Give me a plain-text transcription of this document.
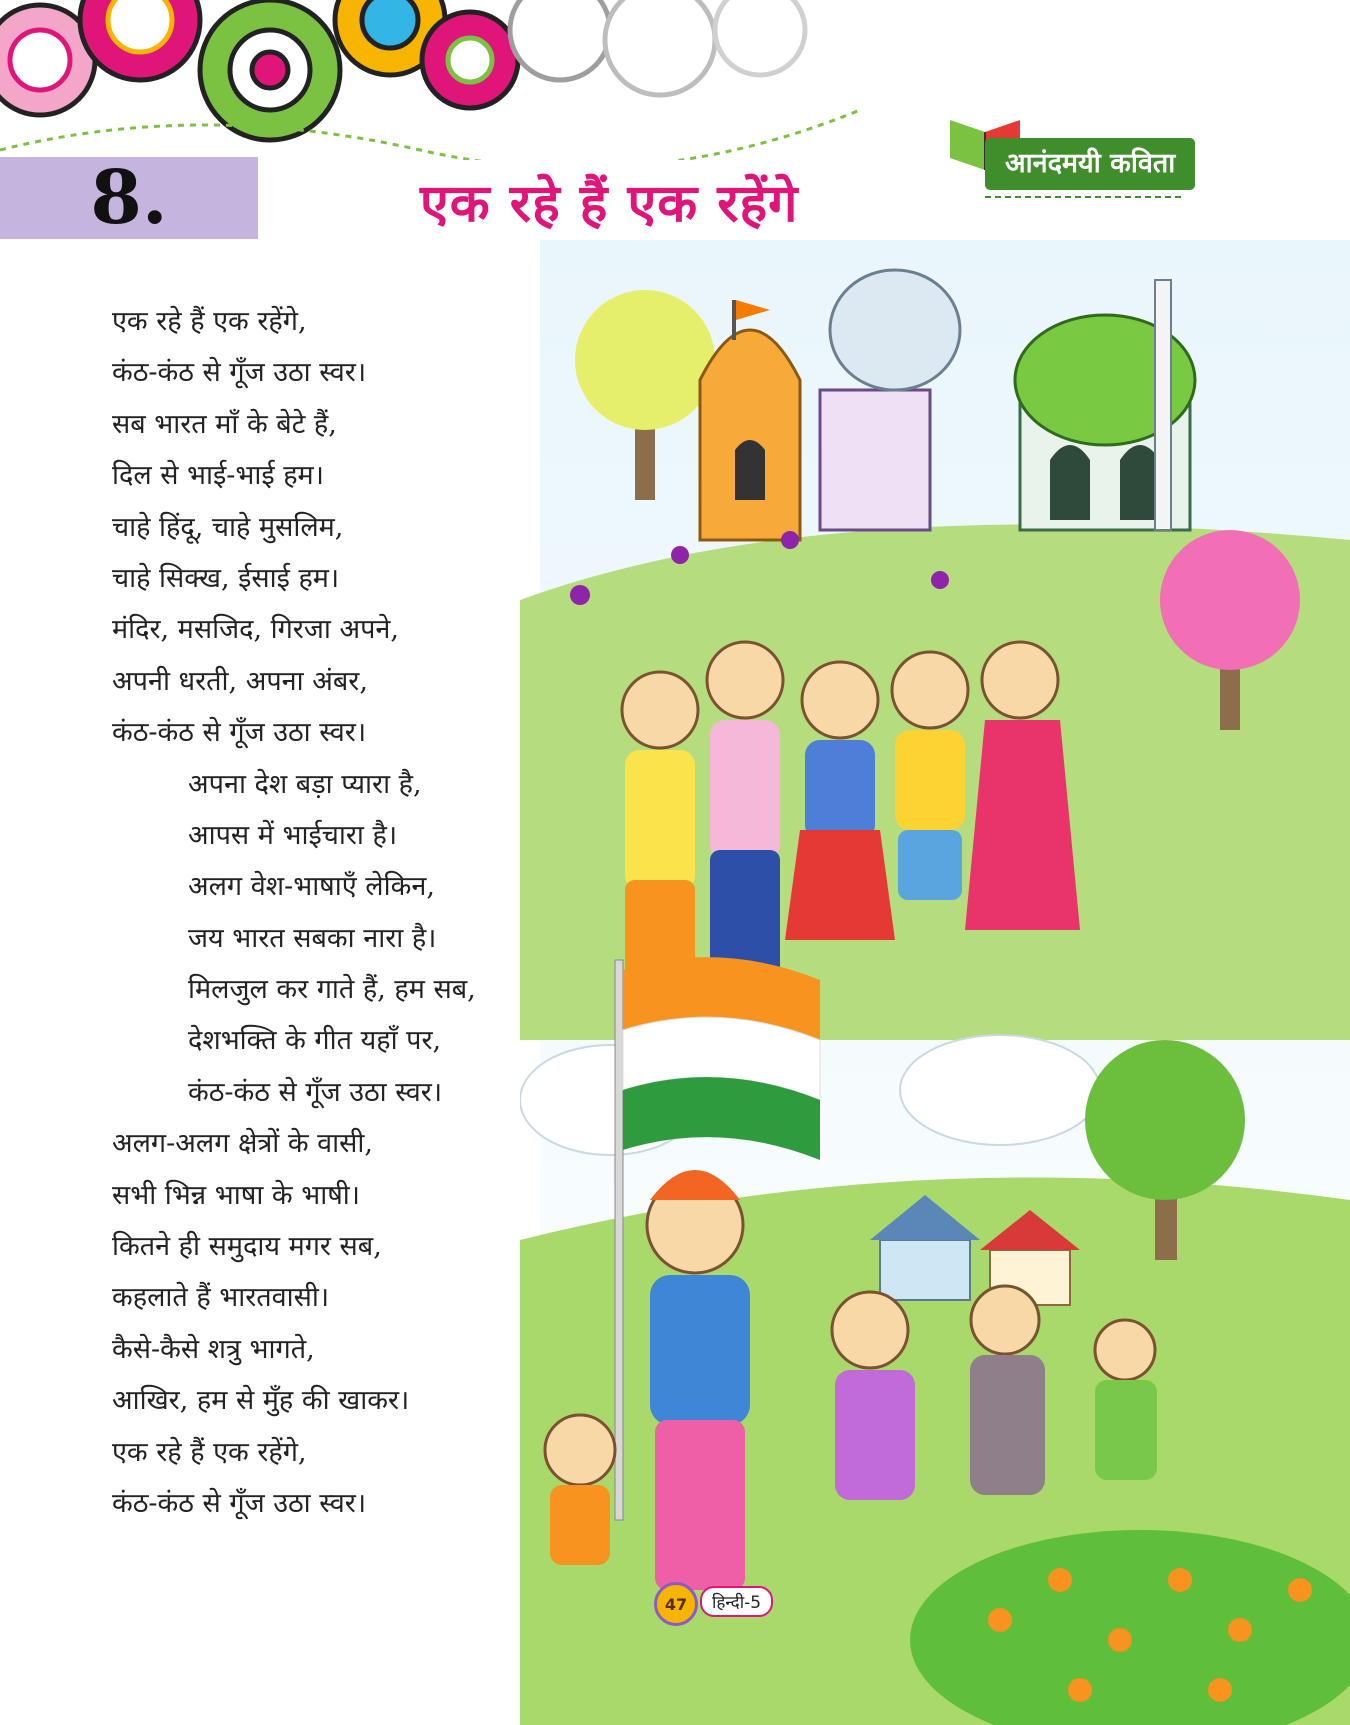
8.	एक रहे हैं एक रहेंगे
आनंदमयी कविता
एक रहे हैं एक रहेंगे,
कंठ-कंठ से गूँज उठा स्वर।
सब भारत माँ के बेटे हैं,
दिल से भाई-भाई हम।
चाहे हिंदू, चाहे मुसलिम,
चाहे सिक्ख, ईसाई हम।
मंदिर, मसजिद, गिरजा अपने,
अपनी धरती, अपना अंबर,
कंठ-कंठ से गूँज उठा स्वर।
अपना देश बड़ा प्यारा है,
आपस में भाईचारा है।
अलग वेश-भाषाएँ लेकिन,
जय भारत सबका नारा है।
मिलजुल कर गाते हैं, हम सब,
देशभक्ति के गीत यहाँ पर,
कंठ-कंठ से गूँज उठा स्वर।
अलग-अलग क्षेत्रों के वासी,
सभी भिन्न भाषा के भाषी।
कितने ही समुदाय मगर सब,
कहलाते हैं भारतवासी।
कैसे-कैसे शत्रु भागते,
आखिर, हम से मुँह की खाकर।
एक रहे हैं एक रहेंगे,
कंठ-कंठ से गूँज उठा स्वर।
47	हिन्दी-5
